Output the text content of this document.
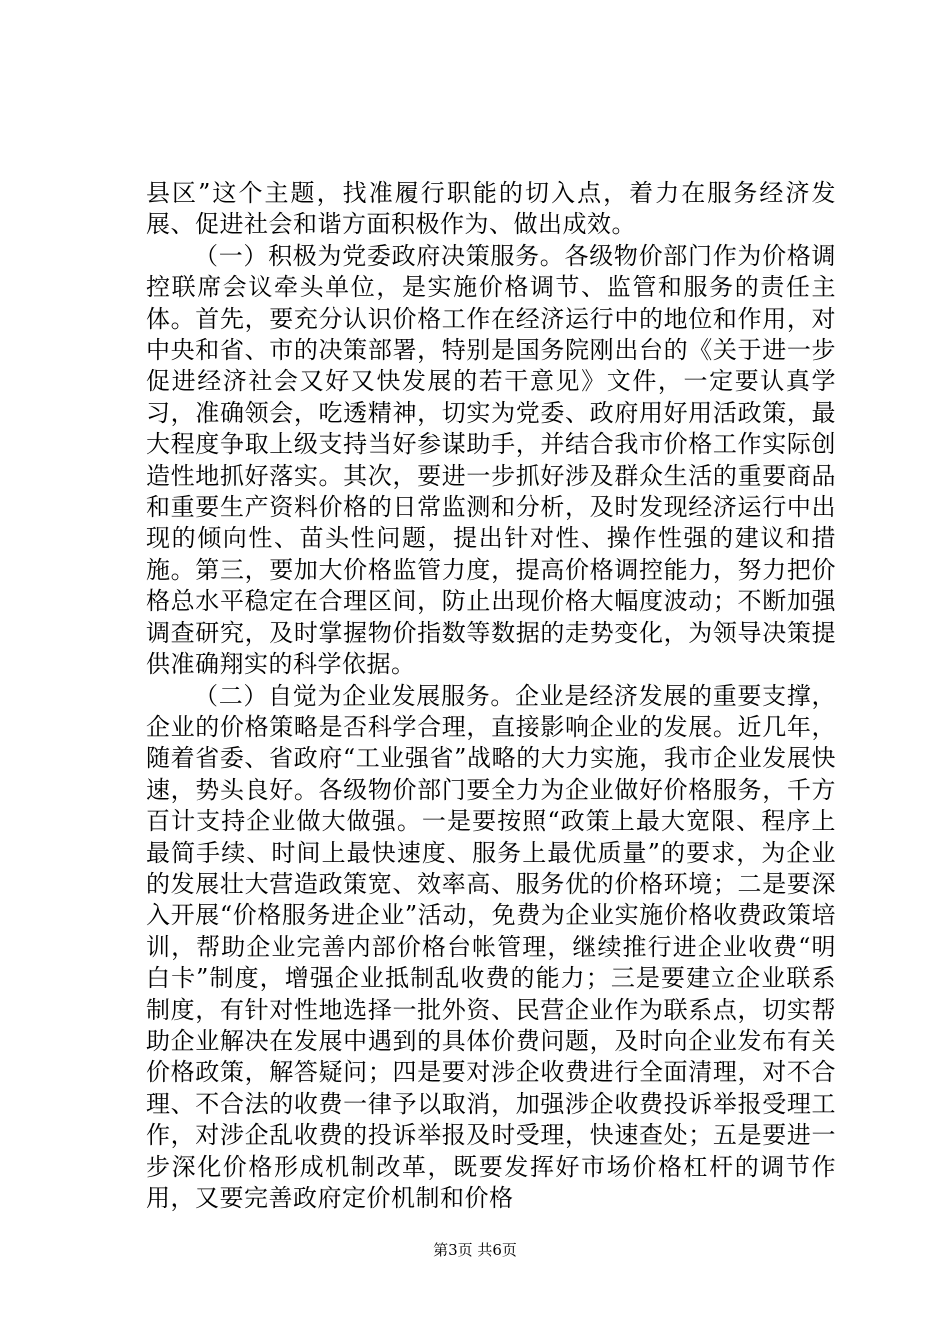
县区”这个主题，找准履行职能的切入点，着力在服务经济发展、促进社会和谐方面积极作为、做出成效。

（一）积极为党委政府决策服务。各级物价部门作为价格调控联席会议牵头单位，是实施价格调节、监管和服务的责任主体。首先，要充分认识价格工作在经济运行中的地位和作用，对中央和省、市的决策部署，特别是国务院刚出台的《关于进一步促进经济社会又好又快发展的若干意见》文件，一定要认真学习，准确领会，吃透精神，切实为党委、政府用好用活政策，最大程度争取上级支持当好参谋助手，并结合我市价格工作实际创造性地抓好落实。其次，要进一步抓好涉及群众生活的重要商品和重要生产资料价格的日常监测和分析，及时发现经济运行中出现的倾向性、苗头性问题，提出针对性、操作性强的建议和措施。第三，要加大价格监管力度，提高价格调控能力，努力把价格总水平稳定在合理区间，防止出现价格大幅度波动；不断加强调查研究，及时掌握物价指数等数据的走势变化，为领导决策提供准确翔实的科学依据。

（二）自觉为企业发展服务。企业是经济发展的重要支撑，企业的价格策略是否科学合理，直接影响企业的发展。近几年，随着省委、省政府“工业强省”战略的大力实施，我市企业发展快速，势头良好。各级物价部门要全力为企业做好价格服务，千方百计支持企业做大做强。一是要按照“政策上最大宽限、程序上最简手续、时间上最快速度、服务上最优质量”的要求，为企业的发展壮大营造政策宽、效率高、服务优的价格环境；二是要深入开展“价格服务进企业”活动，免费为企业实施价格收费政策培训，帮助企业完善内部价格台帐管理，继续推行进企业收费“明白卡”制度，增强企业抵制乱收费的能力；三是要建立企业联系制度，有针对性地选择一批外资、民营企业作为联系点，切实帮助企业解决在发展中遇到的具体价费问题，及时向企业发布有关价格政策，解答疑问；四是要对涉企收费进行全面清理，对不合理、不合法的收费一律予以取消，加强涉企收费投诉举报受理工作，对涉企乱收费的投诉举报及时受理，快速查处；五是要进一步深化价格形成机制改革，既要发挥好市场价格杠杆的调节作用，又要完善政府定价机制和价格

第3页 共6页
